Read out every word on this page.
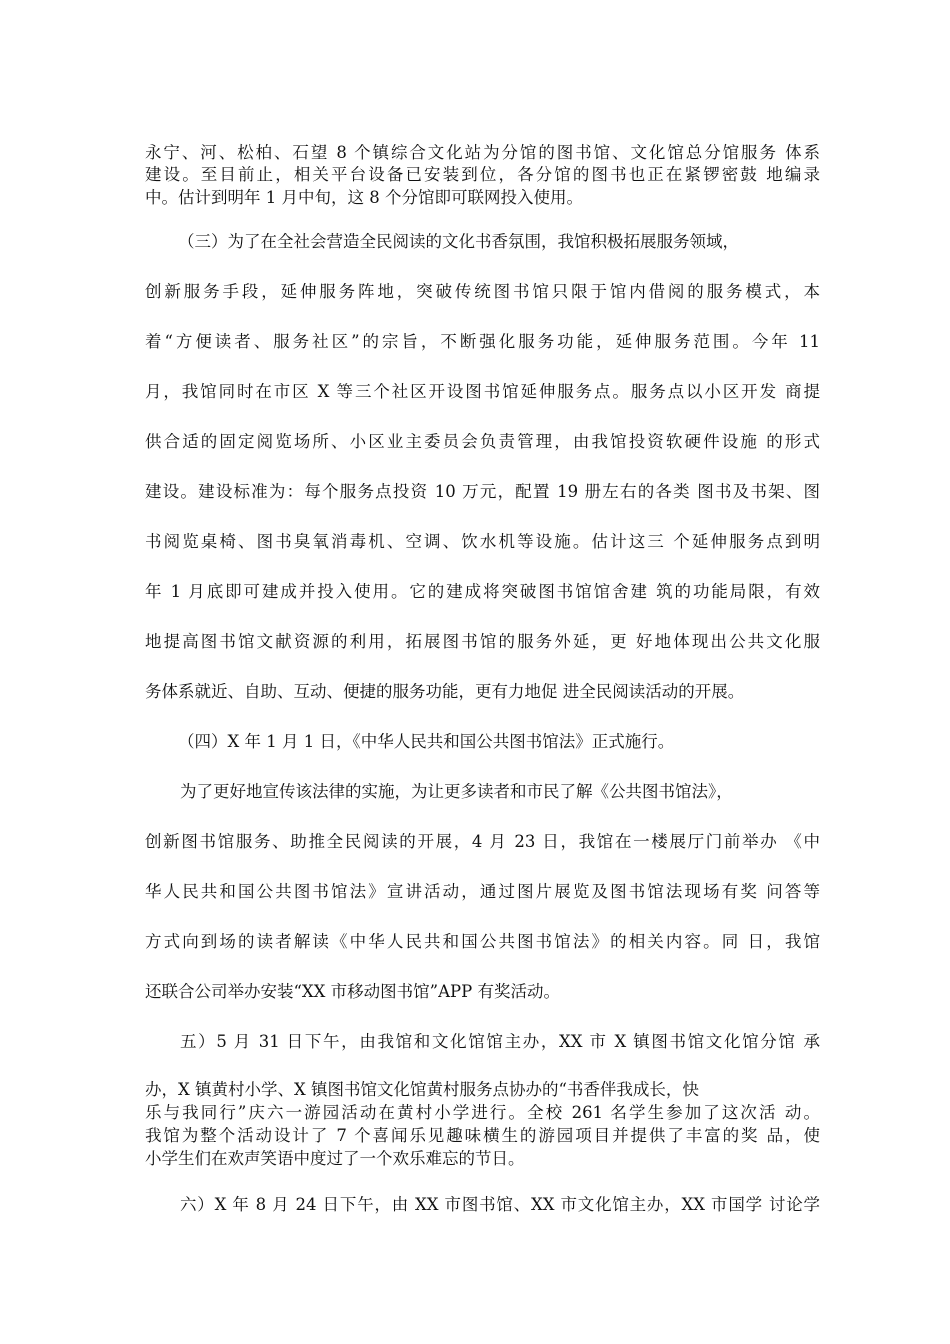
永宁、河、松柏、石望 8 个镇综合文化站为分馆的图书馆、文化馆总分馆服务 体系
建设。至目前止，相关平台设备已安装到位，各分馆的图书也正在紧锣密鼓 地编录
中。估计到明年 1 月中旬，这 8 个分馆即可联网投入使用。
（三）为了在全社会营造全民阅读的文化书香氛围，我馆积极拓展服务领域，
创新服务手段，延伸服务阵地，突破传统图书馆只限于馆内借阅的服务模式，本
着“方便读者、服务社区”的宗旨，不断强化服务功能，延伸服务范围。今年 11
月，我馆同时在市区 X 等三个社区开设图书馆延伸服务点。服务点以小区开发 商提
供合适的固定阅览场所、小区业主委员会负责管理，由我馆投资软硬件设施 的形式
建设。建设标准为：每个服务点投资 10 万元，配置 19 册左右的各类 图书及书架、图
书阅览桌椅、图书臭氧消毒机、空调、饮水机等设施。估计这三 个延伸服务点到明
年 1 月底即可建成并投入使用。它的建成将突破图书馆馆舍建 筑的功能局限，有效
地提高图书馆文献资源的利用，拓展图书馆的服务外延，更 好地体现出公共文化服
务体系就近、自助、互动、便捷的服务功能，更有力地促 进全民阅读活动的开展。
（四）X 年 1 月 1 日，《中华人民共和国公共图书馆法》正式施行。
为了更好地宣传该法律的实施，为让更多读者和市民了解《公共图书馆法》，
创新图书馆服务、助推全民阅读的开展，4 月 23 日，我馆在一楼展厅门前举办 《中
华人民共和国公共图书馆法》宣讲活动，通过图片展览及图书馆法现场有奖 问答等
方式向到场的读者解读《中华人民共和国公共图书馆法》的相关内容。同 日，我馆
还联合公司举办安装“XX 市移动图书馆”APP 有奖活动。
五）5 月 31 日下午，由我馆和文化馆馆主办，XX 市 X 镇图书馆文化馆分馆 承
办，X 镇黄村小学、X 镇图书馆文化馆黄村服务点协办的“书香伴我成长，快
乐与我同行”庆六一游园活动在黄村小学进行。全校 261 名学生参加了这次活 动。
我馆为整个活动设计了 7 个喜闻乐见趣味横生的游园项目并提供了丰富的奖 品，使
小学生们在欢声笑语中度过了一个欢乐难忘的节日。
六）X 年 8 月 24 日下午，由 XX 市图书馆、XX 市文化馆主办，XX 市国学 讨论学
